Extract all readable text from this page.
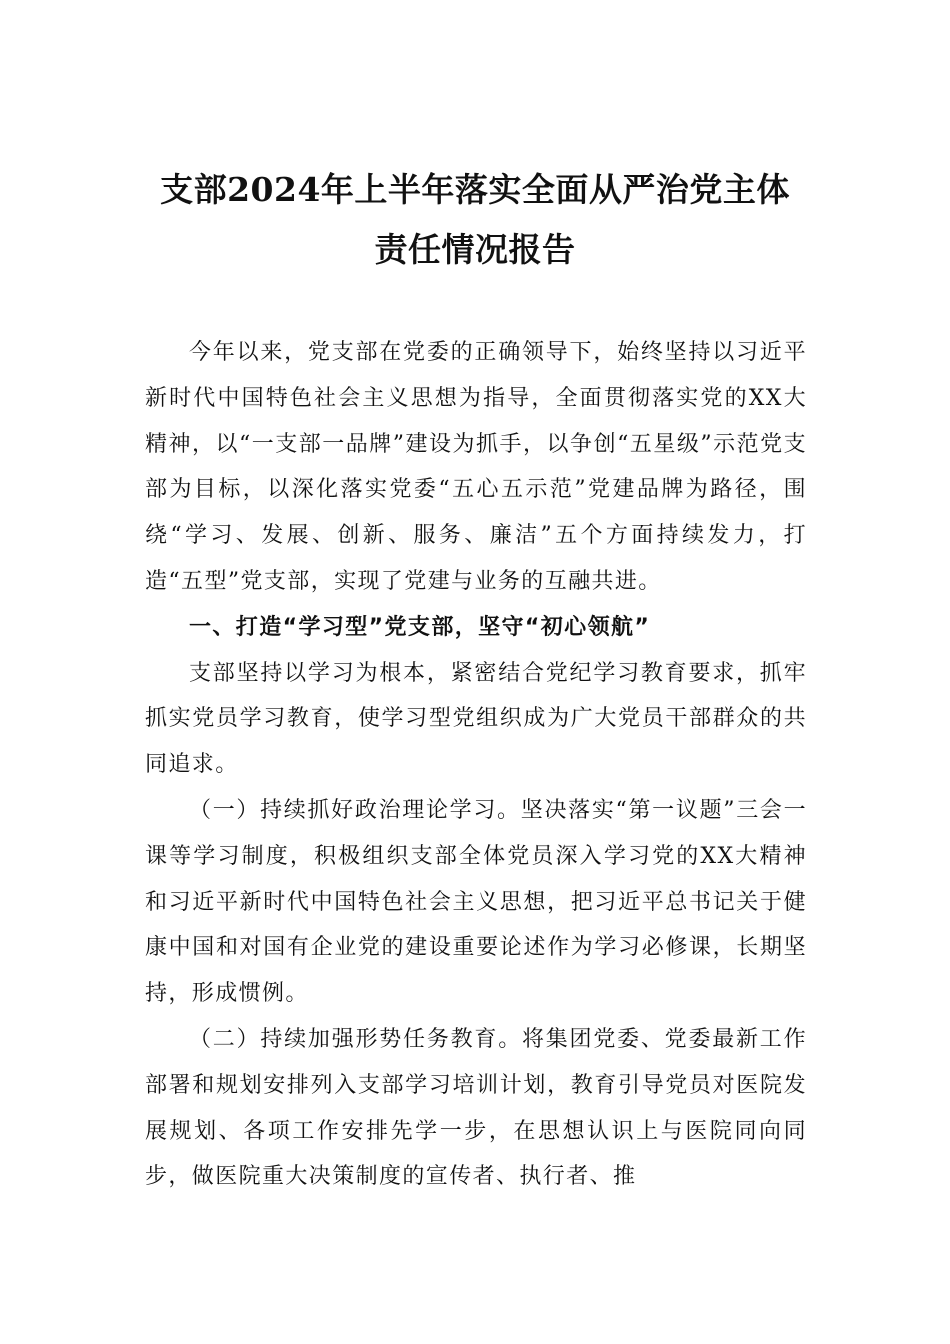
支部2024年上半年落实全面从严治党主体
责任情况报告

今年以来，党支部在党委的正确领导下，始终坚持以习近平新时代中国特色社会主义思想为指导，全面贯彻落实党的XX大精神，以“一支部一品牌”建设为抓手，以争创“五星级”示范党支部为目标，以深化落实党委“五心五示范”党建品牌为路径，围绕“学习、发展、创新、服务、廉洁”五个方面持续发力，打造“五型”党支部，实现了党建与业务的互融共进。

一、打造“学习型”党支部，坚守“初心领航”

支部坚持以学习为根本，紧密结合党纪学习教育要求，抓牢抓实党员学习教育，使学习型党组织成为广大党员干部群众的共同追求。

（一）持续抓好政治理论学习。坚决落实“第一议题”三会一课等学习制度，积极组织支部全体党员深入学习党的XX大精神和习近平新时代中国特色社会主义思想，把习近平总书记关于健康中国和对国有企业党的建设重要论述作为学习必修课，长期坚持，形成惯例。

（二）持续加强形势任务教育。将集团党委、党委最新工作部署和规划安排列入支部学习培训计划，教育引导党员对医院发展规划、各项工作安排先学一步，在思想认识上与医院同向同步，做医院重大决策制度的宣传者、执行者、推
